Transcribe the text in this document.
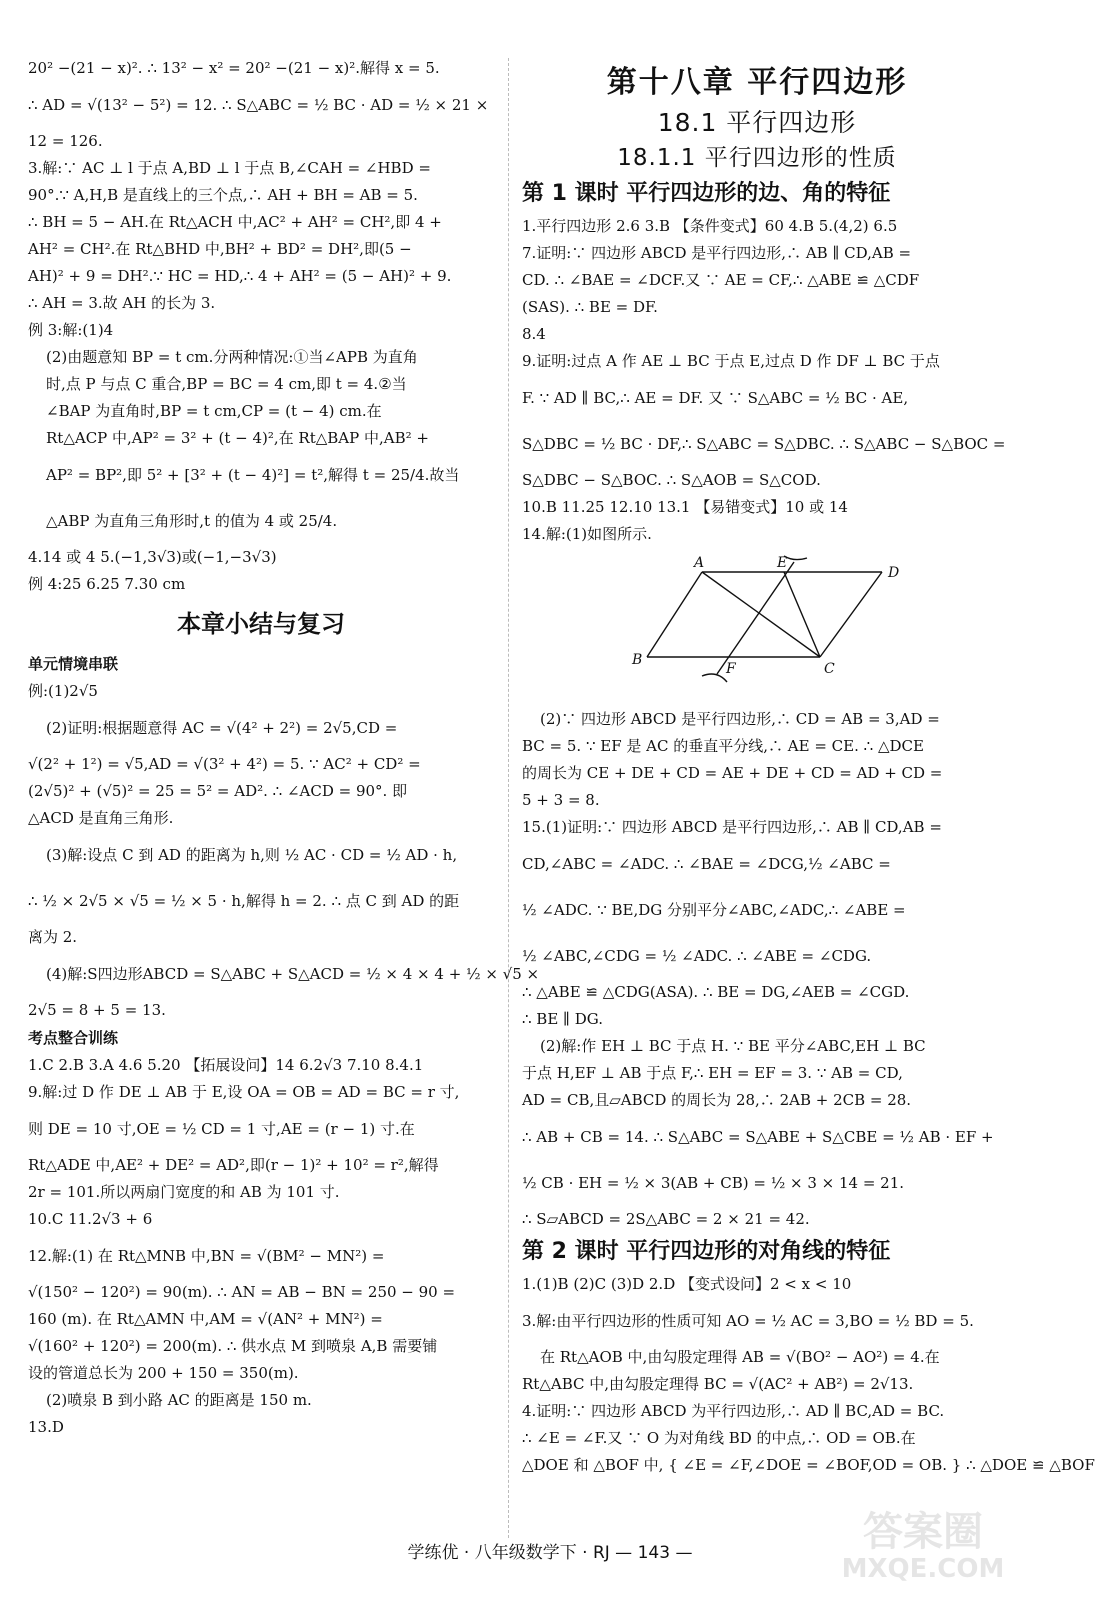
20² −(21 − x)². ∴ 13² − x² = 20² −(21 − x)².解得 x = 5.

∴ AD = √(13² − 5²) = 12. ∴ S△ABC = ½ BC · AD = ½ × 21 ×

12 = 126.

3.解:∵ AC ⊥ l 于点 A,BD ⊥ l 于点 B,∠CAH = ∠HBD =

90°.∵ A,H,B 是直线上的三个点,∴ AH + BH = AB = 5.

∴ BH = 5 − AH.在 Rt△ACH 中,AC² + AH² = CH²,即 4 +

AH² = CH².在 Rt△BHD 中,BH² + BD² = DH²,即(5 −

AH)² + 9 = DH².∵ HC = HD,∴ 4 + AH² = (5 − AH)² + 9.

∴ AH = 3.故 AH 的长为 3.

例 3:解:(1)4

(2)由题意知 BP = t cm.分两种情况:①当∠APB 为直角

时,点 P 与点 C 重合,BP = BC = 4 cm,即 t = 4.②当

∠BAP 为直角时,BP = t cm,CP = (t − 4) cm.在

Rt△ACP 中,AP² = 3² + (t − 4)²,在 Rt△BAP 中,AB² +

AP² = BP²,即 5² + [3² + (t − 4)²] = t²,解得 t = 25/4.故当

△ABP 为直角三角形时,t 的值为 4 或 25/4.

4.14 或 4 5.(−1,3√3)或(−1,−3√3)

例 4:25 6.25 7.30 cm

本章小结与复习
单元情境串联

例:(1)2√5

(2)证明:根据题意得 AC = √(4² + 2²) = 2√5,CD =

√(2² + 1²) = √5,AD = √(3² + 4²) = 5. ∵ AC² + CD² =

(2√5)² + (√5)² = 25 = 5² = AD². ∴ ∠ACD = 90°. 即

△ACD 是直角三角形.

(3)解:设点 C 到 AD 的距离为 h,则 ½ AC · CD = ½ AD · h,

∴ ½ × 2√5 × √5 = ½ × 5 · h,解得 h = 2. ∴ 点 C 到 AD 的距

离为 2.

(4)解:S四边形ABCD = S△ABC + S△ACD = ½ × 4 × 4 + ½ × √5 ×

2√5 = 8 + 5 = 13.

考点整合训练

1.C 2.B 3.A 4.6 5.20 【拓展设问】14 6.2√3 7.10 8.4.1

9.解:过 D 作 DE ⊥ AB 于 E,设 OA = OB = AD = BC = r 寸,

则 DE = 10 寸,OE = ½ CD = 1 寸,AE = (r − 1) 寸.在

Rt△ADE 中,AE² + DE² = AD²,即(r − 1)² + 10² = r²,解得

2r = 101.所以两扇门宽度的和 AB 为 101 寸.

10.C 11.2√3 + 6

12.解:(1) 在 Rt△MNB 中,BN = √(BM² − MN²) =

√(150² − 120²) = 90(m). ∴ AN = AB − BN = 250 − 90 =

160 (m). 在 Rt△AMN 中,AM = √(AN² + MN²) =

√(160² + 120²) = 200(m). ∴ 供水点 M 到喷泉 A,B 需要铺

设的管道总长为 200 + 150 = 350(m).

(2)喷泉 B 到小路 AC 的距离是 150 m.

13.D

第十八章 平行四边形
18.1 平行四边形
18.1.1 平行四边形的性质
第 1 课时 平行四边形的边、角的特征

1.平行四边形 2.6 3.B 【条件变式】60 4.B 5.(4,2) 6.5

7.证明:∵ 四边形 ABCD 是平行四边形,∴ AB ∥ CD,AB =

CD. ∴ ∠BAE = ∠DCF.又 ∵ AE = CF,∴ △ABE ≌ △CDF

(SAS). ∴ BE = DF.

8.4

9.证明:过点 A 作 AE ⊥ BC 于点 E,过点 D 作 DF ⊥ BC 于点

F. ∵ AD ∥ BC,∴ AE = DF. 又 ∵ S△ABC = ½ BC · AE,

S△DBC = ½ BC · DF,∴ S△ABC = S△DBC. ∴ S△ABC − S△BOC =

S△DBC − S△BOC. ∴ S△AOB = S△COD.

10.B 11.25 12.10 13.1 【易错变式】10 或 14

14.解:(1)如图所示.

A	E
D
B
F	C

(2)∵ 四边形 ABCD 是平行四边形,∴ CD = AB = 3,AD =

BC = 5. ∵ EF 是 AC 的垂直平分线,∴ AE = CE. ∴ △DCE

的周长为 CE + DE + CD = AE + DE + CD = AD + CD =

5 + 3 = 8.

15.(1)证明:∵ 四边形 ABCD 是平行四边形,∴ AB ∥ CD,AB =

CD,∠ABC = ∠ADC. ∴ ∠BAE = ∠DCG,½ ∠ABC =

½ ∠ADC. ∵ BE,DG 分别平分∠ABC,∠ADC,∴ ∠ABE =

½ ∠ABC,∠CDG = ½ ∠ADC. ∴ ∠ABE = ∠CDG.

∴ △ABE ≌ △CDG(ASA). ∴ BE = DG,∠AEB = ∠CGD.

∴ BE ∥ DG.

(2)解:作 EH ⊥ BC 于点 H. ∵ BE 平分∠ABC,EH ⊥ BC

于点 H,EF ⊥ AB 于点 F,∴ EH = EF = 3. ∵ AB = CD,

AD = CB,且▱ABCD 的周长为 28,∴ 2AB + 2CB = 28.

∴ AB + CB = 14. ∴ S△ABC = S△ABE + S△CBE = ½ AB · EF +

½ CB · EH = ½ × 3(AB + CB) = ½ × 3 × 14 = 21.

∴ S▱ABCD = 2S△ABC = 2 × 21 = 42.

第 2 课时 平行四边形的对角线的特征

1.(1)B (2)C (3)D 2.D 【变式设问】2 < x < 10

3.解:由平行四边形的性质可知 AO = ½ AC = 3,BO = ½ BD = 5.

在 Rt△AOB 中,由勾股定理得 AB = √(BO² − AO²) = 4.在

Rt△ABC 中,由勾股定理得 BC = √(AC² + AB²) = 2√13.

4.证明:∵ 四边形 ABCD 为平行四边形,∴ AD ∥ BC,AD = BC.

∴ ∠E = ∠F.又 ∵ O 为对角线 BD 的中点,∴ OD = OB.在

△DOE 和 △BOF 中, { ∠E = ∠F,∠DOE = ∠BOF,OD = OB. } ∴ △DOE ≌ △BOF

学练优 · 八年级数学下 · RJ — 143 —	答案圈
MXQE.COM
